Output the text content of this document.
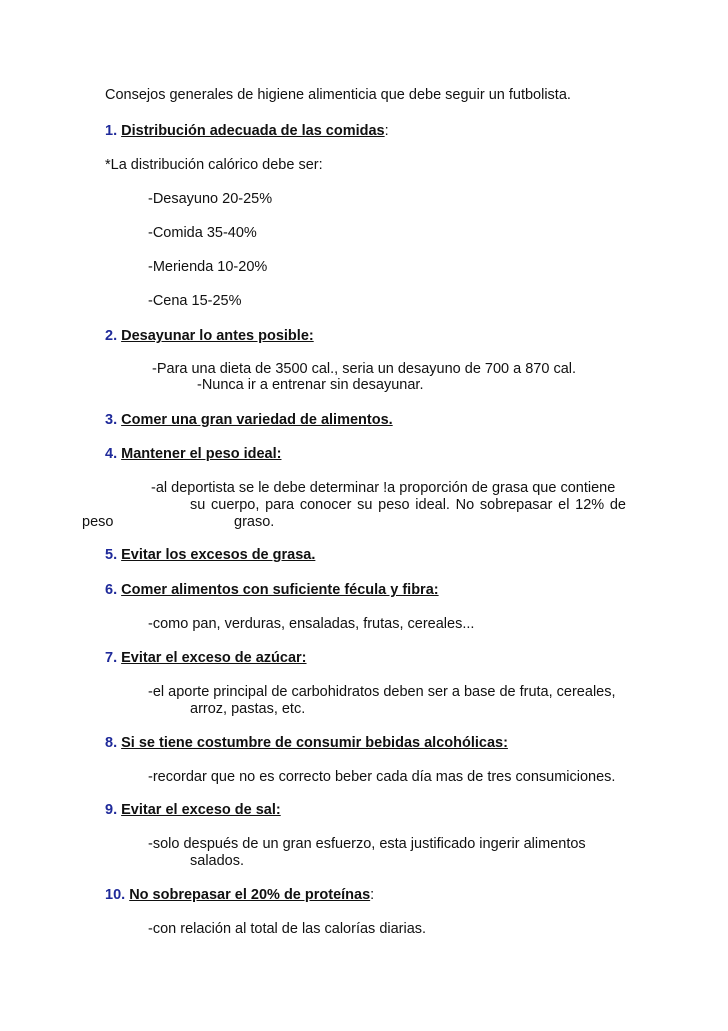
Consejos generales de higiene alimenticia que debe seguir un futbolista.
1. Distribución adecuada de las comidas:
*La distribución calórico debe ser:
-Desayuno 20-25%
-Comida 35-40%
-Merienda 10-20%
-Cena 15-25%
2. Desayunar lo antes posible:
-Para una dieta de 3500 cal., seria un desayuno de 700 a 870 cal.
-Nunca ir a entrenar sin desayunar.
3. Comer una gran variedad de alimentos.
4. Mantener el peso ideal:
-al deportista se le debe determinar !a proporción de grasa que contiene
su cuerpo, para conocer su peso ideal. No sobrepasar el 12% de
peso	graso.
5. Evitar los excesos de grasa.
6. Comer alimentos con suficiente fécula y fibra:
-como pan, verduras, ensaladas, frutas, cereales...
7. Evitar el exceso de azúcar:
-el aporte principal de carbohidratos deben ser a base de fruta, cereales,
arroz, pastas, etc.
8. Si se tiene costumbre de consumir bebidas alcohólicas:
-recordar que no es correcto beber cada día mas de tres consumiciones.
9. Evitar el exceso de sal:
-solo después de un gran esfuerzo, esta justificado ingerir alimentos
salados.
10. No sobrepasar el 20% de proteínas:
-con relación al total de las calorías diarias.
